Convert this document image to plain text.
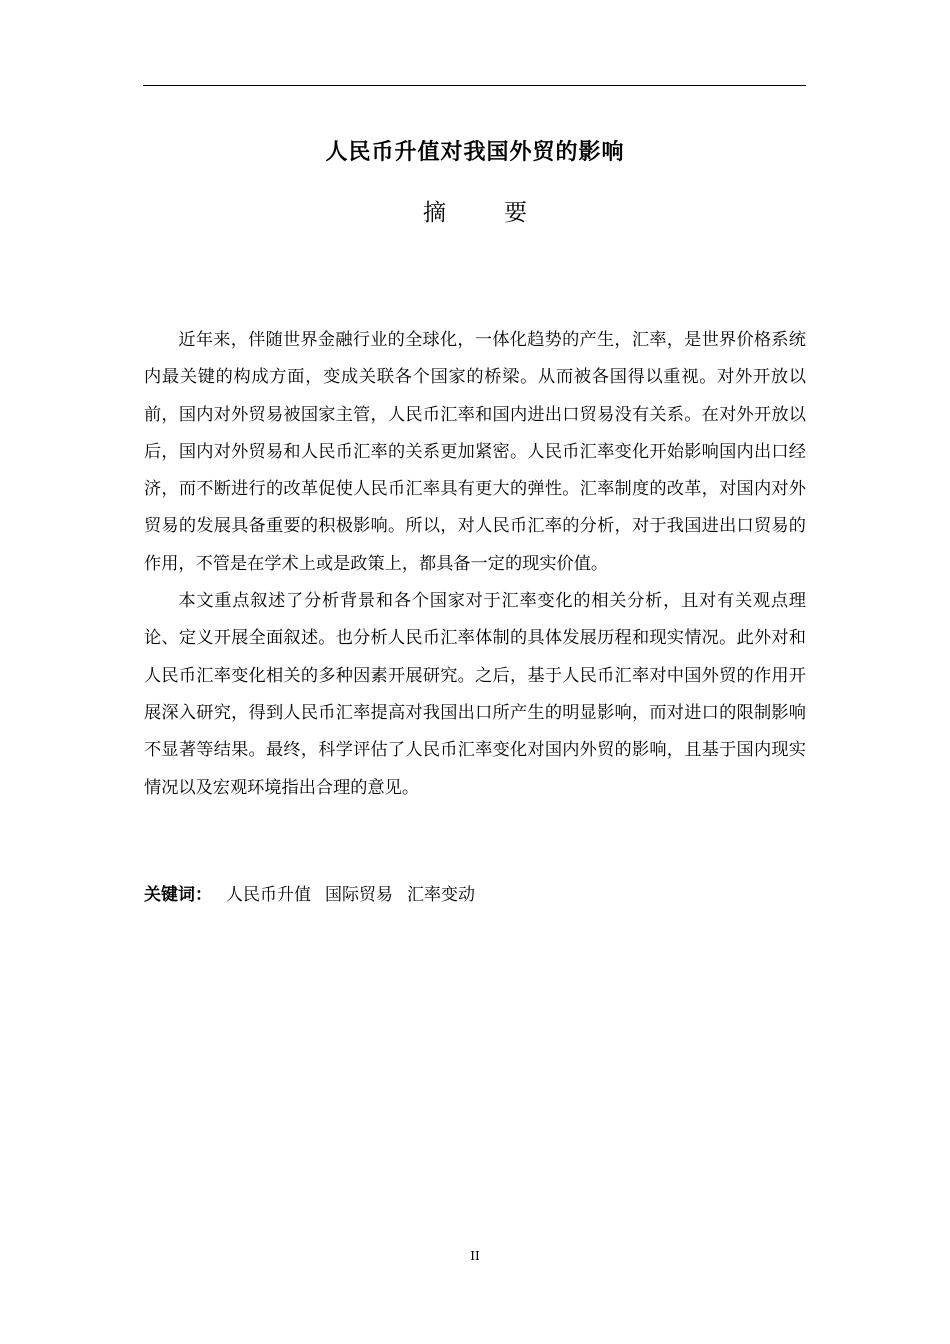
人民币升值对我国外贸的影响
摘要

近年来，伴随世界金融行业的全球化，一体化趋势的产生，汇率，是世界价格系统内最关键的构成方面，变成关联各个国家的桥梁。从而被各国得以重视。对外开放以前，国内对外贸易被国家主管，人民币汇率和国内进出口贸易没有关系。在对外开放以后，国内对外贸易和人民币汇率的关系更加紧密。人民币汇率变化开始影响国内出口经济，而不断进行的改革促使人民币汇率具有更大的弹性。汇率制度的改革，对国内对外贸易的发展具备重要的积极影响。所以，对人民币汇率的分析，对于我国进出口贸易的作用，不管是在学术上或是政策上，都具备一定的现实价值。

本文重点叙述了分析背景和各个国家对于汇率变化的相关分析，且对有关观点理论、定义开展全面叙述。也分析人民币汇率体制的具体发展历程和现实情况。此外对和人民币汇率变化相关的多种因素开展研究。之后，基于人民币汇率对中国外贸的作用开展深入研究，得到人民币汇率提高对我国出口所产生的明显影响，而对进口的限制影响不显著等结果。最终，科学评估了人民币汇率变化对国内外贸的影响，且基于国内现实情况以及宏观环境指出合理的意见。

关键词： 人民币升值 国际贸易 汇率变动
II
